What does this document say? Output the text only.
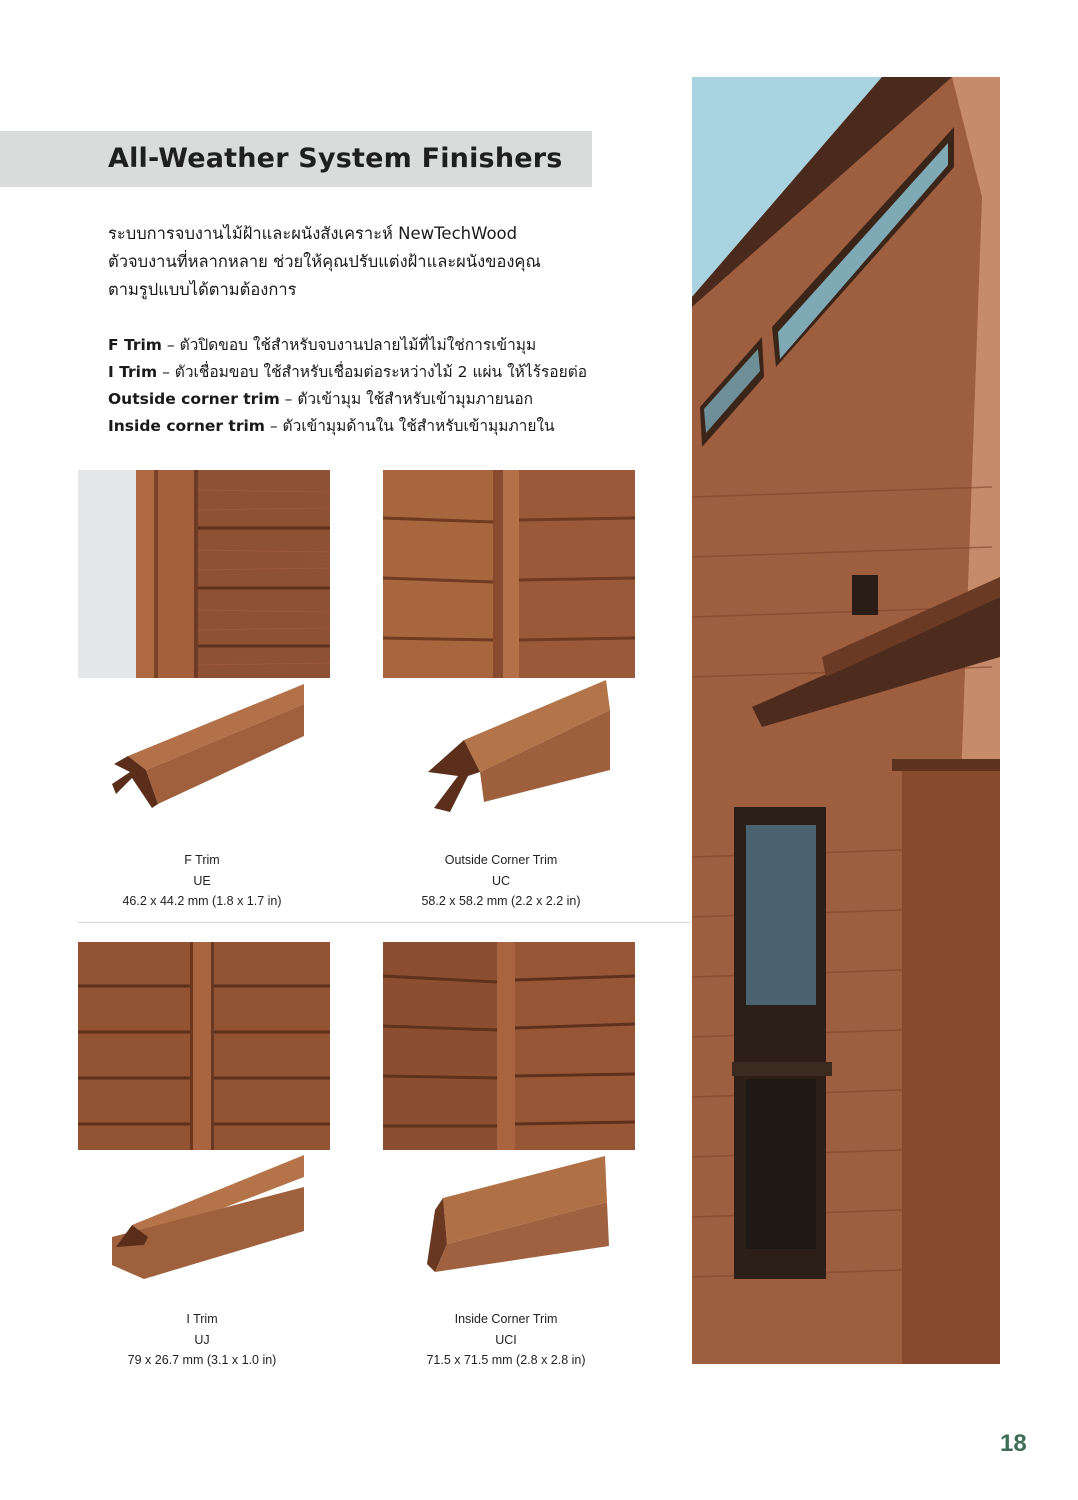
All-Weather System Finishers
ระบบการจบงานไม้ฝ้าและผนังสังเคราะห์ NewTechWood
ตัวจบงานที่หลากหลาย ช่วยให้คุณปรับแต่งฝ้าและผนังของคุณ
ตามรูปแบบได้ตามต้องการ
F Trim – ตัวปิดขอบ ใช้สำหรับจบงานปลายไม้ที่ไม่ใช่การเข้ามุม
I Trim – ตัวเชื่อมขอบ ใช้สำหรับเชื่อมต่อระหว่างไม้ 2 แผ่น ให้ไร้รอยต่อ
Outside corner trim – ตัวเข้ามุม ใช้สำหรับเข้ามุมภายนอก
Inside corner trim – ตัวเข้ามุมด้านใน ใช้สำหรับเข้ามุมภายใน
F Trim
UE
46.2 x 44.2 mm (1.8 x 1.7 in)
Outside Corner Trim
UC
58.2 x 58.2 mm (2.2 x 2.2 in)
I Trim
UJ
79 x 26.7 mm (3.1 x 1.0 in)
Inside Corner Trim
UCI
71.5 x 71.5 mm (2.8 x 2.8 in)
18
